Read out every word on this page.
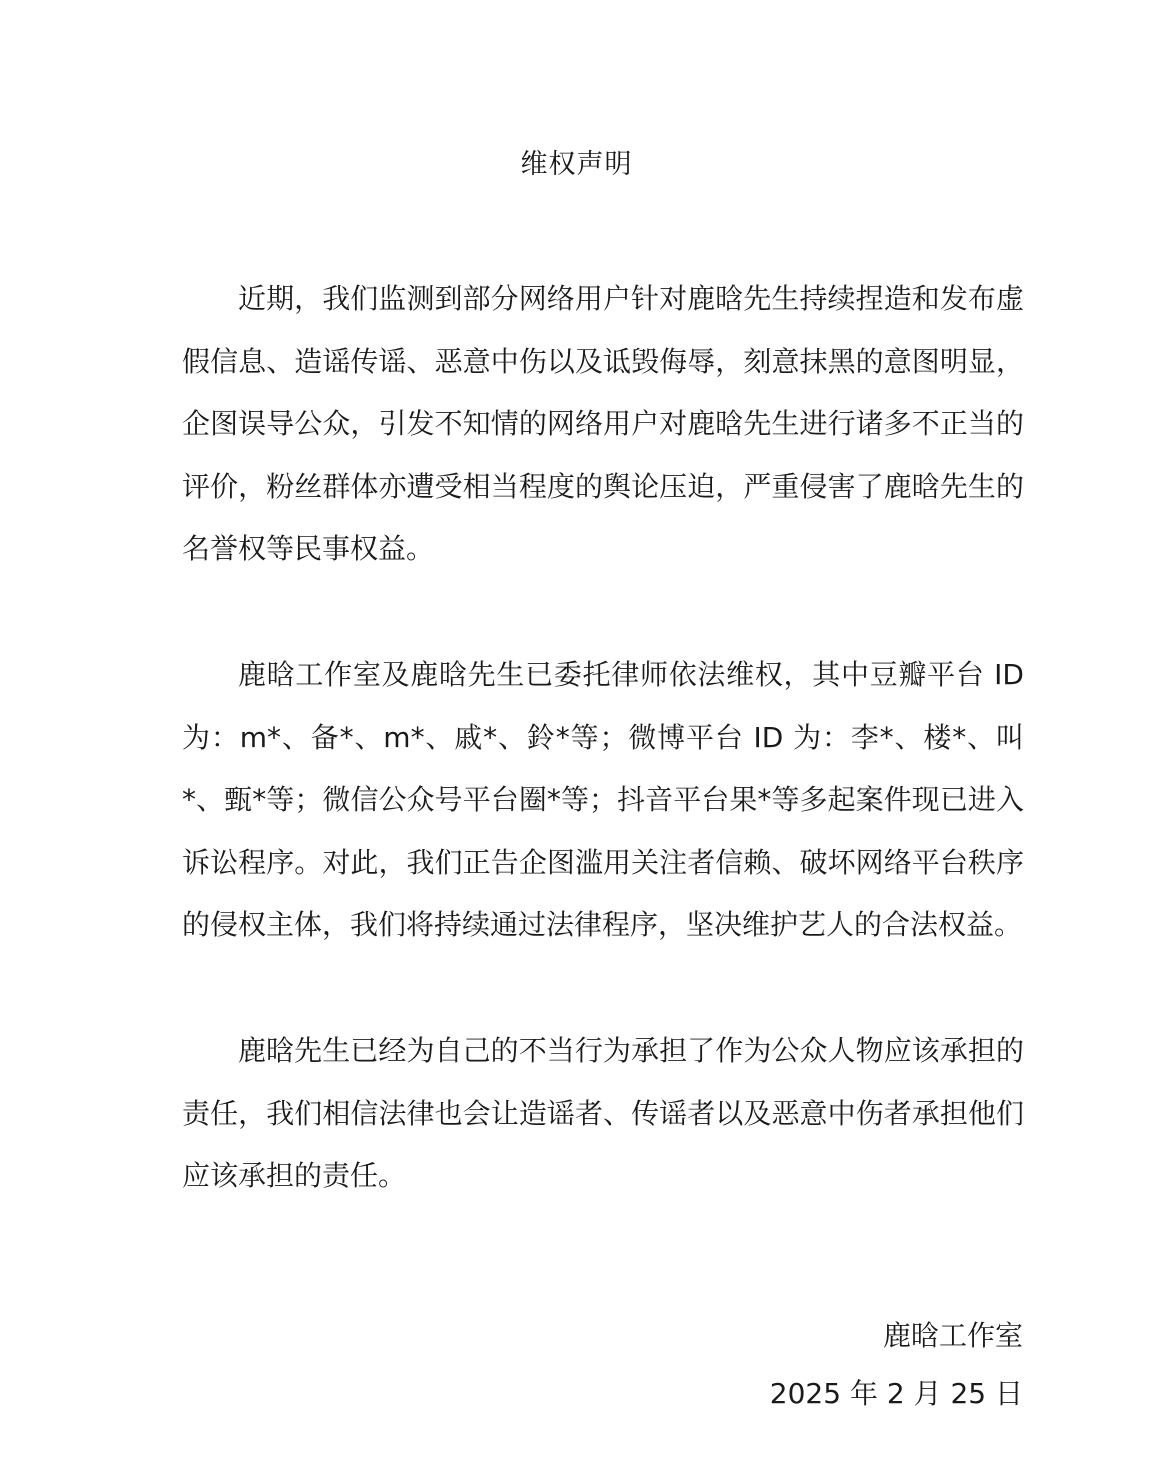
维权声明

近期，我们监测到部分网络用户针对鹿晗先生持续捏造和发布虚假信息、造谣传谣、恶意中伤以及诋毁侮辱，刻意抹黑的意图明显，企图误导公众，引发不知情的网络用户对鹿晗先生进行诸多不正当的评价，粉丝群体亦遭受相当程度的舆论压迫，严重侵害了鹿晗先生的名誉权等民事权益。

鹿晗工作室及鹿晗先生已委托律师依法维权，其中豆瓣平台 ID 为：m*、备*、m*、戚*、鈴*等；微博平台 ID 为：李*、楼*、叫*、甄*等；微信公众号平台圈*等；抖音平台果*等多起案件现已进入诉讼程序。对此，我们正告企图滥用关注者信赖、破坏网络平台秩序的侵权主体，我们将持续通过法律程序，坚决维护艺人的合法权益。

鹿晗先生已经为自己的不当行为承担了作为公众人物应该承担的责任，我们相信法律也会让造谣者、传谣者以及恶意中伤者承担他们应该承担的责任。

鹿晗工作室
2025 年 2 月 25 日
